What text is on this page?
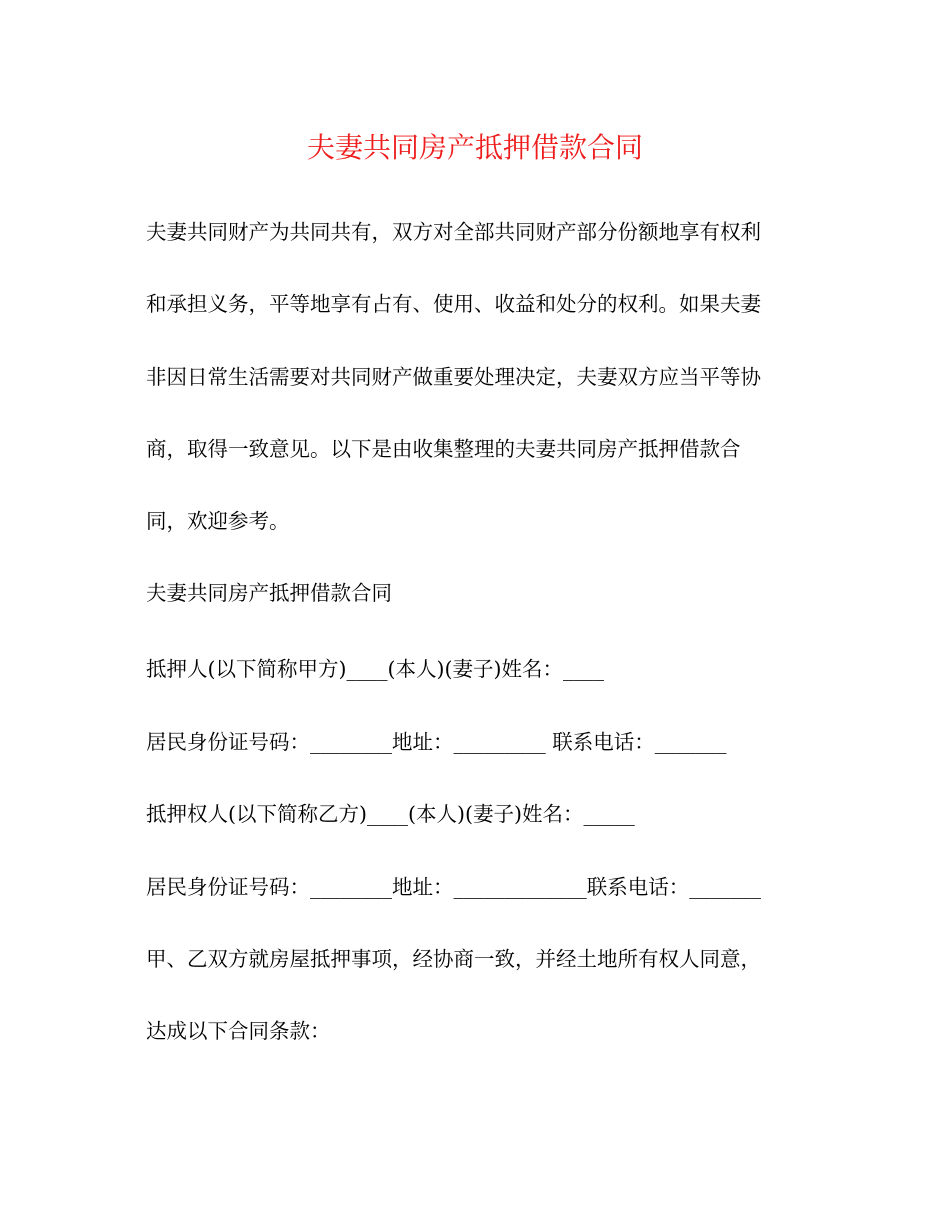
夫妻共同房产抵押借款合同
夫妻共同财产为共同共有，双方对全部共同财产部分份额地享有权利
和承担义务，平等地享有占有、使用、收益和处分的权利。如果夫妻
非因日常生活需要对共同财产做重要处理决定，夫妻双方应当平等协
商，取得一致意见。以下是由收集整理的夫妻共同房产抵押借款合
同，欢迎参考。
夫妻共同房产抵押借款合同
抵押人(以下简称甲方)____(本人)(妻子)姓名：____
居民身份证号码：________地址：_________ 联系电话：_______
抵押权人(以下简称乙方)____(本人)(妻子)姓名：_____
居民身份证号码：________地址：_____________联系电话：_______
甲、乙双方就房屋抵押事项，经协商一致，并经土地所有权人同意，
达成以下合同条款：
